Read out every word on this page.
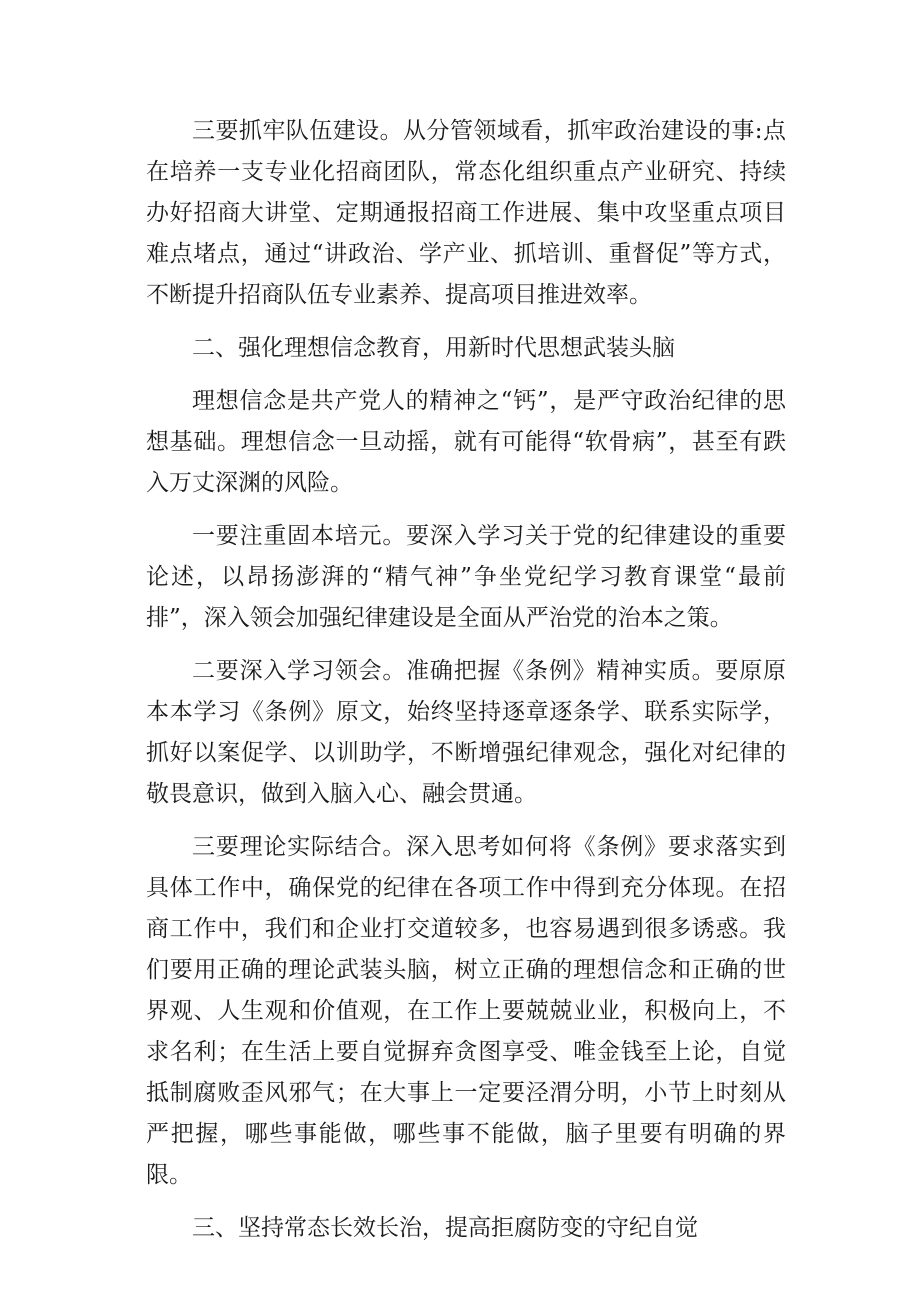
三要抓牢队伍建设。从分管领域看，抓牢政治建设的事:点在培养一支专业化招商团队，常态化组织重点产业研究、持续办好招商大讲堂、定期通报招商工作进展、集中攻坚重点项目难点堵点，通过“讲政治、学产业、抓培训、重督促”等方式，不断提升招商队伍专业素养、提高项目推进效率。

二、强化理想信念教育，用新时代思想武装头脑

理想信念是共产党人的精神之“钙”，是严守政治纪律的思想基础。理想信念一旦动摇，就有可能得“软骨病”，甚至有跌入万丈深渊的风险。

一要注重固本培元。要深入学习关于党的纪律建设的重要论述，以昂扬澎湃的“精气神”争坐党纪学习教育课堂“最前排”，深入领会加强纪律建设是全面从严治党的治本之策。

二要深入学习领会。准确把握《条例》精神实质。要原原本本学习《条例》原文，始终坚持逐章逐条学、联系实际学，抓好以案促学、以训助学，不断增强纪律观念，强化对纪律的敬畏意识，做到入脑入心、融会贯通。

三要理论实际结合。深入思考如何将《条例》要求落实到具体工作中，确保党的纪律在各项工作中得到充分体现。在招商工作中，我们和企业打交道较多，也容易遇到很多诱惑。我们要用正确的理论武装头脑，树立正确的理想信念和正确的世界观、人生观和价值观，在工作上要兢兢业业，积极向上，不求名利；在生活上要自觉摒弃贪图享受、唯金钱至上论，自觉抵制腐败歪风邪气；在大事上一定要泾渭分明，小节上时刻从严把握，哪些事能做，哪些事不能做，脑子里要有明确的界限。

三、坚持常态长效长治，提高拒腐防变的守纪自觉
